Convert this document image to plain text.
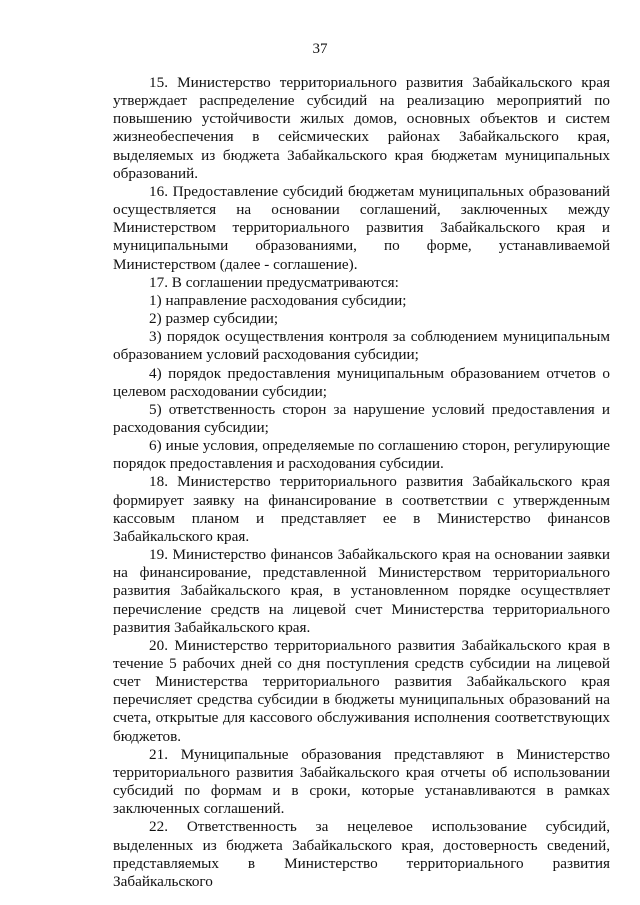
37

15. Министерство территориального развития Забайкальского края утверждает распределение субсидий на реализацию мероприятий по повышению устойчивости жилых домов, основных объектов и систем жизнеобеспечения в сейсмических районах Забайкальского края, выделяемых из бюджета Забайкальского края бюджетам муниципальных образований.

16. Предоставление субсидий бюджетам муниципальных образований осуществляется на основании соглашений, заключенных между Министерством территориального развития Забайкальского края и муниципальными образованиями, по форме, устанавливаемой Министерством (далее - соглашение).

17. В соглашении предусматриваются:

1) направление расходования субсидии;

2) размер субсидии;

3) порядок осуществления контроля за соблюдением муниципальным образованием условий расходования субсидии;

4) порядок предоставления муниципальным образованием отчетов о целевом расходовании субсидии;

5) ответственность сторон за нарушение условий предоставления и расходования субсидии;

6) иные условия, определяемые по соглашению сторон, регулирующие порядок предоставления и расходования субсидии.

18. Министерство территориального развития Забайкальского края формирует заявку на финансирование в соответствии с утвержденным кассовым планом и представляет ее в Министерство финансов Забайкальского края.

19. Министерство финансов Забайкальского края на основании заявки на финансирование, представленной Министерством территориального развития Забайкальского края, в установленном порядке осуществляет перечисление средств на лицевой счет Министерства территориального развития Забайкальского края.

20. Министерство территориального развития Забайкальского края в течение 5 рабочих дней со дня поступления средств субсидии на лицевой счет Министерства территориального развития Забайкальского края перечисляет средства субсидии в бюджеты муниципальных образований на счета, открытые для кассового обслуживания исполнения соответствующих бюджетов.

21. Муниципальные образования представляют в Министерство территориального развития Забайкальского края отчеты об использовании субсидий по формам и в сроки, которые устанавливаются в рамках заключенных соглашений.

22. Ответственность за нецелевое использование субсидий, выделенных из бюджета Забайкальского края, достоверность сведений, представляемых в Министерство территориального развития Забайкальского
